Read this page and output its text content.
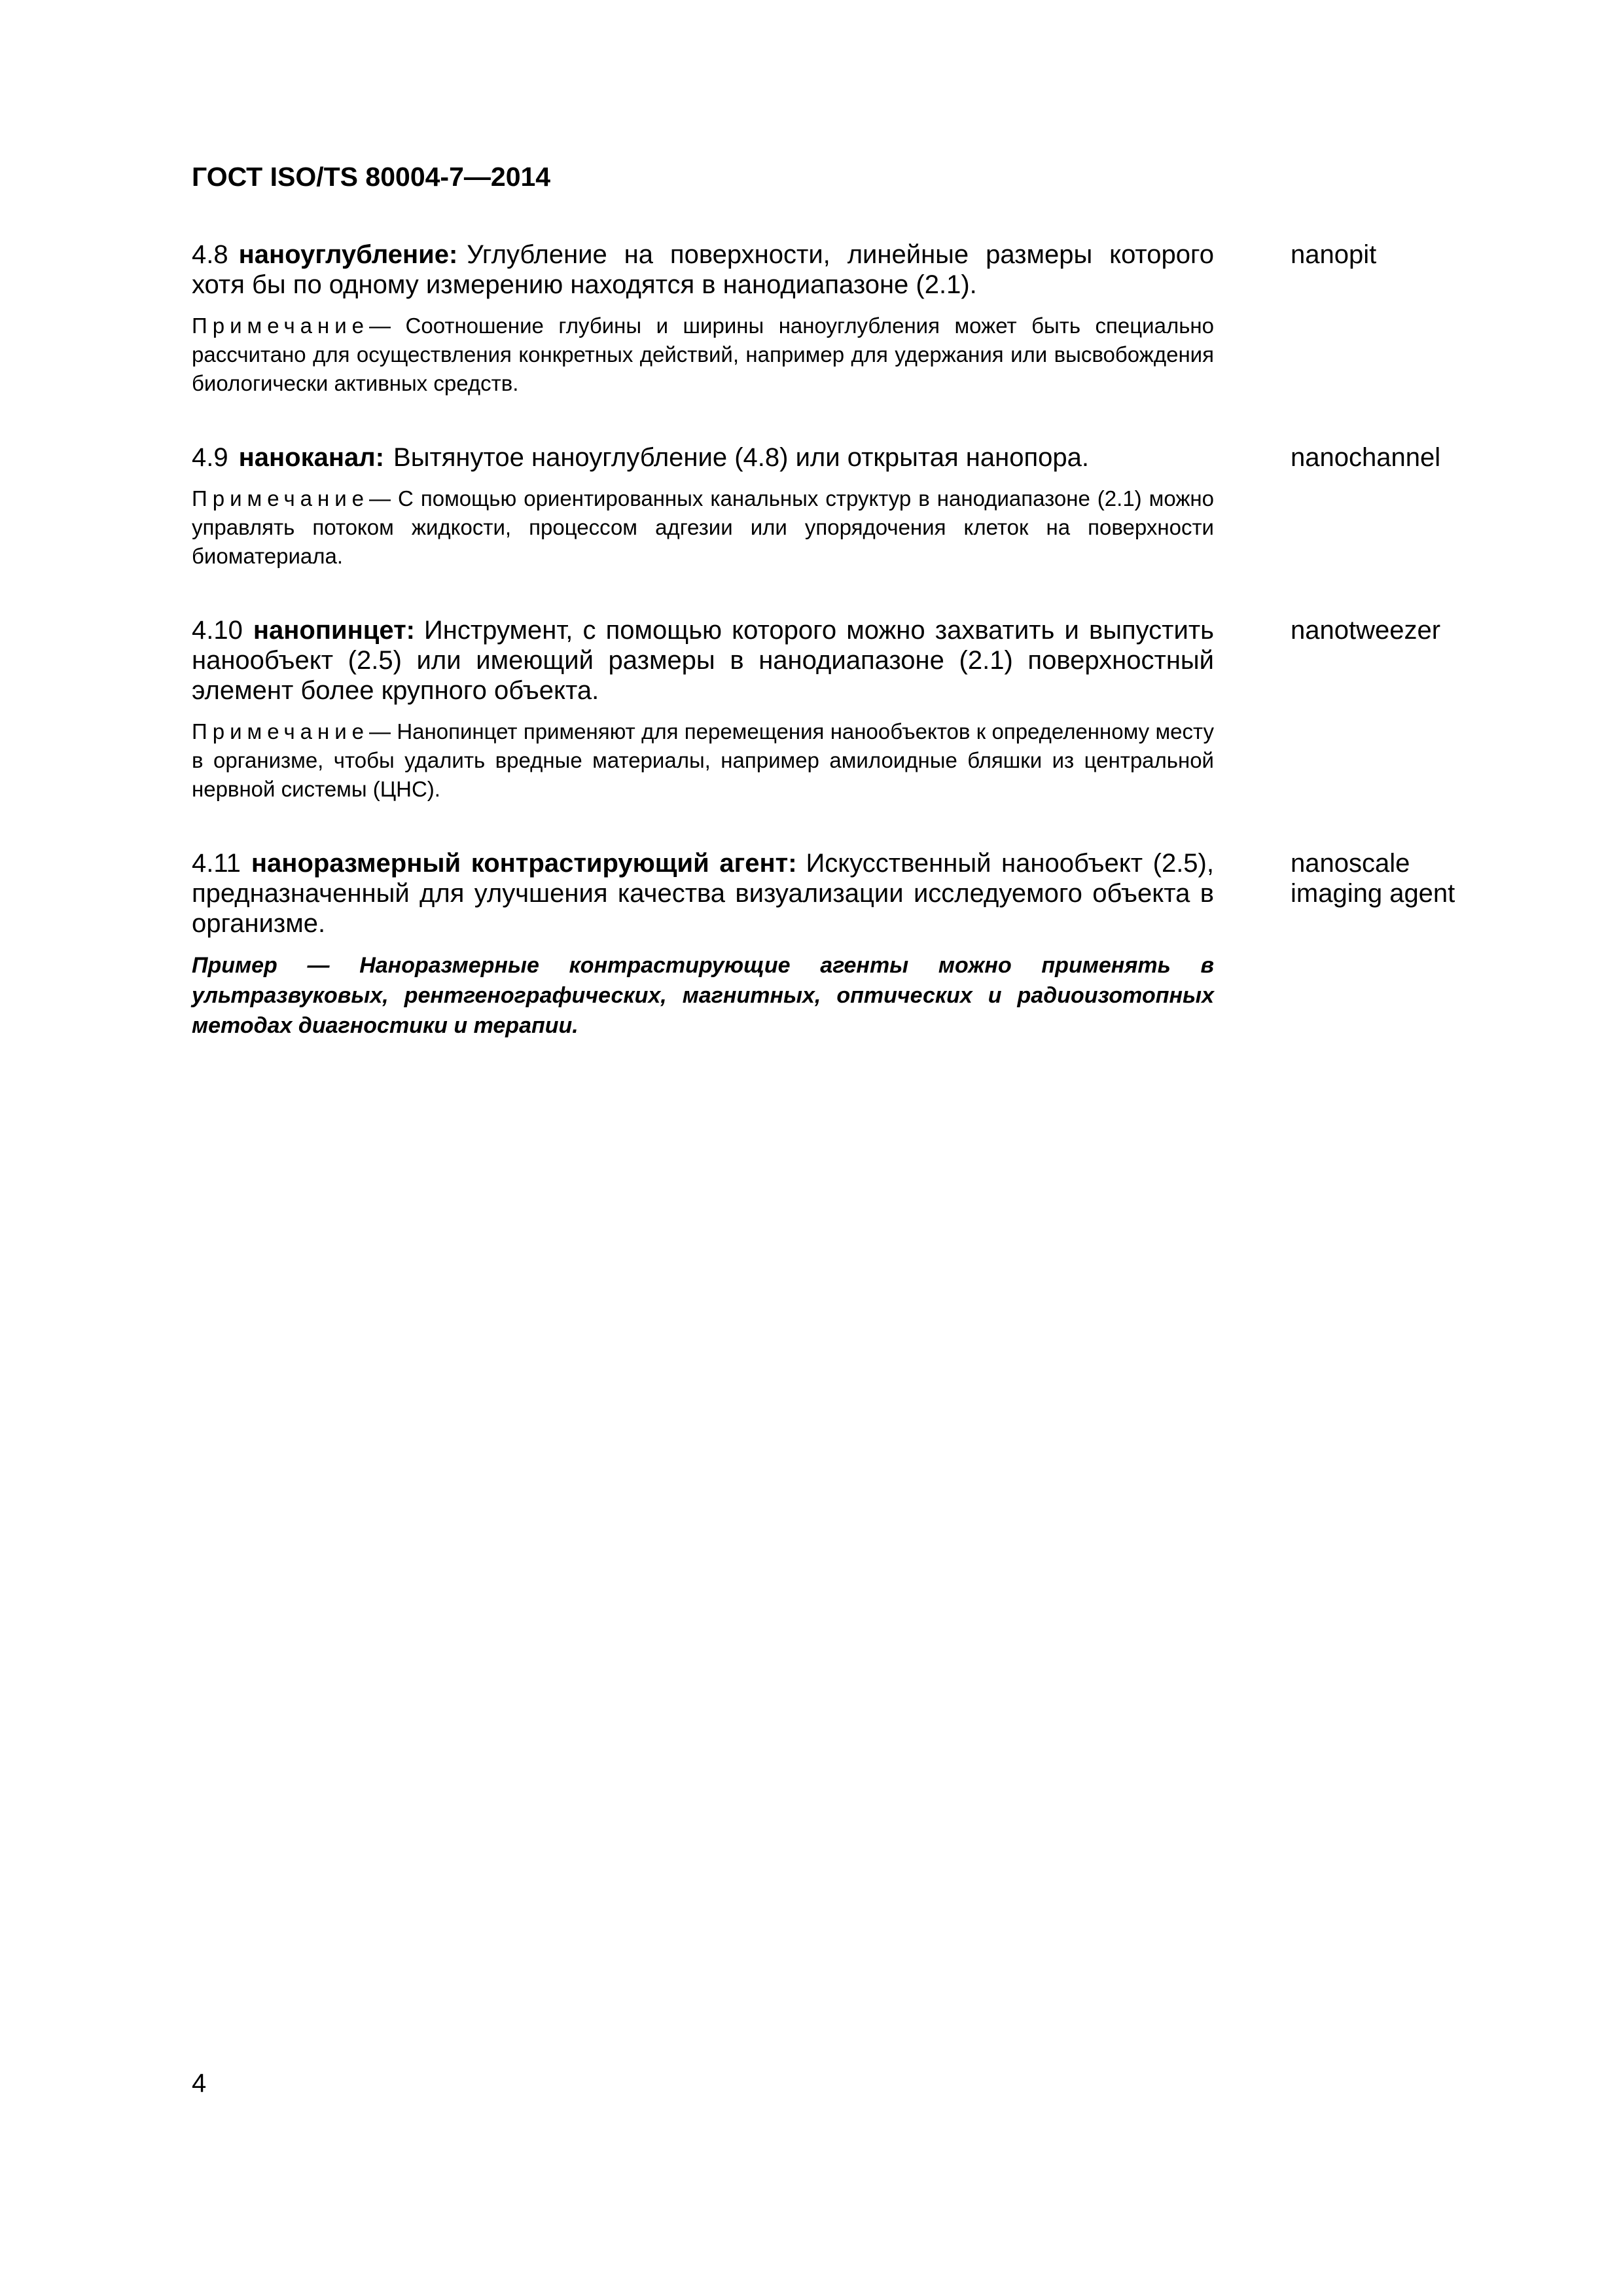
ГОСТ ISO/TS 80004-7—2014

4.8 наноуглубление: Углубление на поверхности, линейные размеры которого хотя бы по одному измерению находятся в нанодиапазоне (2.1).

Примечание— Соотношение глубины и ширины наноуглубления может быть специально рассчитано для осуществления конкретных действий, например для удержания или высвобождения биологически активных средств.

nanopit

4.9 наноканал: Вытянутое наноуглубление (4.8) или открытая нанопора.

Примечание— С помощью ориентированных канальных структур в нанодиапазоне (2.1) можно управлять потоком жидкости, процессом адгезии или упорядочения клеток на поверхности биоматериала.

nanochannel

4.10 нанопинцет: Инструмент, с помощью которого можно захватить и выпустить нанообъект (2.5) или имеющий размеры в нанодиапазоне (2.1) поверхностный элемент более крупного объекта.

Примечание— Нанопинцет применяют для перемещения нанообъектов к определенному месту в организме, чтобы удалить вредные материалы, например амилоидные бляшки из центральной нервной системы (ЦНС).

nanotweezer

4.11 наноразмерный контрастирующий агент: Искусственный нанообъект (2.5), предназначенный для улучшения качества визуализации исследуемого объекта в организме.

Пример — Наноразмерные контрастирующие агенты можно применять в ультразвуковых, рентгенографических, магнитных, оптических и радиоизотопных методах диагностики и терапии.

nanoscale imaging agent
4
